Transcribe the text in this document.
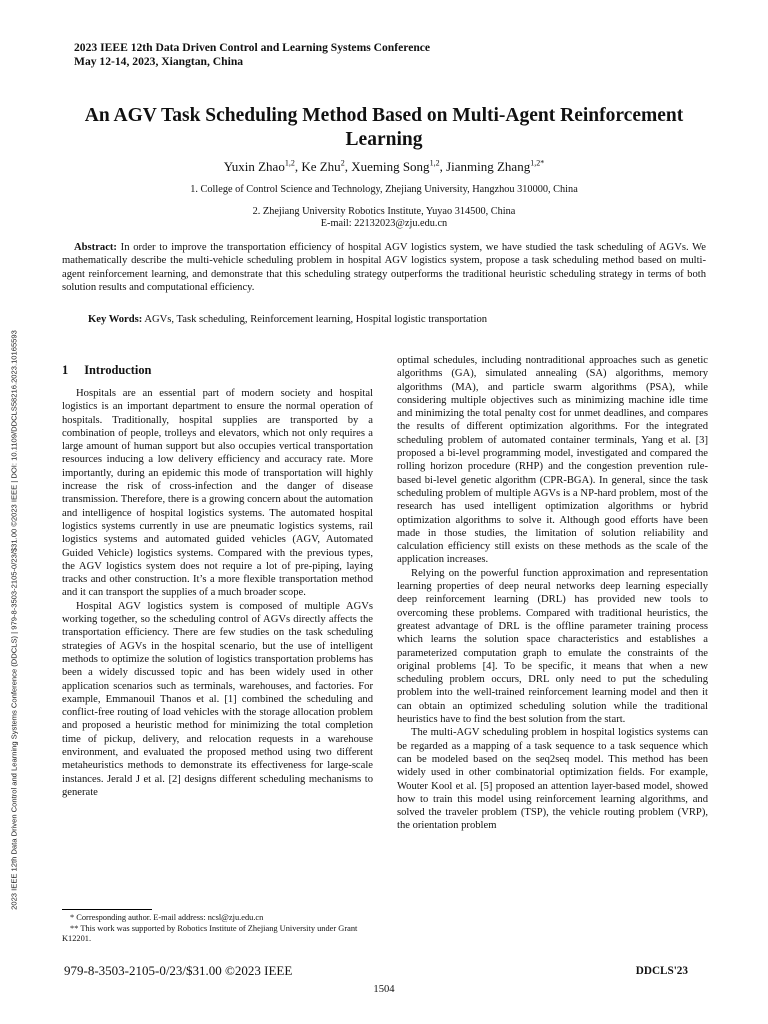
2023 IEEE 12th Data Driven Control and Learning Systems Conference (DDCLS) | 979-8-3503-2105-0/23/$31.00 ©2023 IEEE | DOI: 10.1109/DDCLS58216.2023.10165593
2023 IEEE 12th Data Driven Control and Learning Systems Conference
May 12-14, 2023, Xiangtan, China
An AGV Task Scheduling Method Based on Multi-Agent Reinforcement
Learning
Yuxin Zhao$^{1,2}$, Ke Zhu$^2$, Xueming Song$^{1,2}$, Jianming Zhang$^{1,2*}$
1. College of Control Science and Technology, Zhejiang University, Hangzhou 310000, China
2. Zhejiang University Robotics Institute, Yuyao 314500, China
E-mail: 22132023@zju.edu.cn
Abstract: In order to improve the transportation efficiency of hospital AGV logistics system, we have studied the task scheduling of AGVs. We mathematically describe the multi-vehicle scheduling problem in hospital AGV logistics system, propose a task scheduling method based on multi-agent reinforcement learning, and demonstrate that this scheduling strategy outperforms the traditional heuristic scheduling strategy in terms of both solution results and computational efficiency.
Key Words: AGVs, Task scheduling, Reinforcement learning, Hospital logistic transportation
1 Introduction

Hospitals are an essential part of modern society and hospital logistics is an important department to ensure the normal operation of hospitals. Traditionally, hospital supplies are transported by a combination of people, trolleys and elevators, which not only requires a large amount of human support but also occupies vertical transportation resources inducing a low delivery efficiency and accuracy rate. More importantly, during an epidemic this mode of transportation will highly increase the risk of cross-infection and the danger of disease transmission. Therefore, there is a growing concern about the automation and intelligence of hospital logistics systems. The automated hospital logistics systems currently in use are pneumatic logistics systems, rail logistics systems and automated guided vehicles (AGV, Automated Guided Vehicle) logistics systems. Compared with the previous types, the AGV logistics system does not require a lot of pre-piping, laying tracks and other construction. It’s a more flexible transportation method and it can transport the supplies of a much broader scope.

Hospital AGV logistics system is composed of multiple AGVs working together, so the scheduling control of AGVs directly affects the transportation efficiency. There are few studies on the task scheduling strategies of AGVs in the hospital scenario, but the use of intelligent methods to optimize the solution of logistics transportation problems has been a widely discussed topic and has been widely used in other application scenarios such as terminals, warehouses, and factories. For example, Emmanouil Thanos et al. [1] combined the scheduling and conflict-free routing of load vehicles with the storage allocation problem and proposed a heuristic method for minimizing the total completion time of pickup, delivery, and relocation requests in a warehouse environment, and evaluated the proposed method using two different metaheuristics methods to demonstrate its effectiveness for large-scale instances. Jerald J et al. [2] designs different scheduling mechanisms to generate

optimal schedules, including nontraditional approaches such as genetic algorithms (GA), simulated annealing (SA) algorithms, memory algorithms (MA), and particle swarm algorithms (PSA), while considering multiple objectives such as minimizing machine idle time and minimizing the total penalty cost for unmet deadlines, and compares the results of different optimization algorithms. For the integrated scheduling problem of automated container terminals, Yang et al. [3] proposed a bi-level programming model, investigated and compared the rolling horizon procedure (RHP) and the congestion prevention rule-based bi-level genetic algorithm (CPR-BGA). In general, since the task scheduling problem of multiple AGVs is a NP-hard problem, most of the research has used intelligent optimization algorithms or hybrid optimization algorithms to solve it. Although good efforts have been made in those studies, the limitation of solution reliability and calculation efficiency still exists on these methods as the scale of the application increases.

Relying on the powerful function approximation and representation learning properties of deep neural networks deep learning especially deep reinforcement learning (DRL) has provided new tools to overcoming these problems. Compared with traditional heuristics, the greatest advantage of DRL is the offline parameter training process which learns the solution space characteristics and establishes a parameterized computation graph to emulate the constraints of the original problems [4]. To be specific, it means that when a new scheduling problem occurs, DRL only need to put the scheduling problem into the well-trained reinforcement learning model and then it can obtain an optimized scheduling solution while the traditional heuristics have to find the best solution from the start.

The multi-AGV scheduling problem in hospital logistics systems can be regarded as a mapping of a task sequence to a task sequence which can be modeled based on the seq2seq model. This method has been widely used in other combinatorial optimization fields. For example, Wouter Kool et al. [5] proposed an attention layer-based model, showed how to train this model using reinforcement learning algorithms, and solved the traveler problem (TSP), the vehicle routing problem (VRP), the orientation problem

* Corresponding author. E-mail address: ncsl@zju.edu.cn
** This work was supported by Robotics Institute of Zhejiang University under Grant K12201.
979-8-3503-2105-0/23/$31.00 ©2023 IEEE	DDCLS'23
1504
